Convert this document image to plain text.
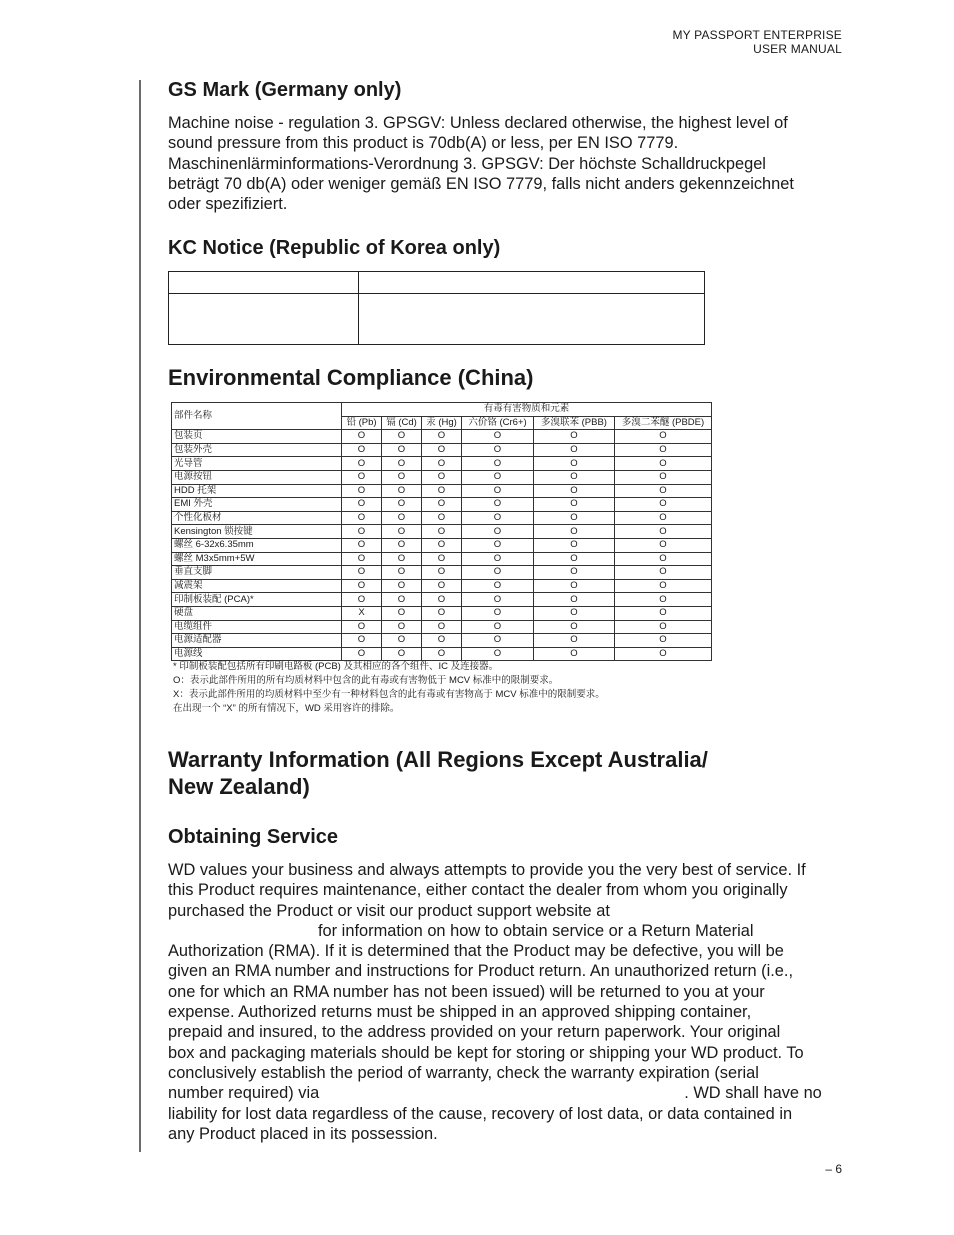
MY PASSPORT ENTERPRISE
USER MANUAL
GS Mark (Germany only)
Machine noise - regulation 3. GPSGV: Unless declared otherwise, the highest level of
sound pressure from this product is 70db(A) or less, per EN ISO 7779.
Maschinenlärminformations-Verordnung 3. GPSGV: Der höchste Schalldruckpegel
beträgt 70 db(A) oder weniger gemäß EN ISO 7779, falls nicht anders gekennzeichnet
oder spezifiziert.
KC Notice (Republic of Korea only)
Environmental Compliance (China)
部件名称	有毒有害物质和元素					
	铅 (Pb)	镉 (Cd)	汞 (Hg)	六价铬 (Cr6+)	多溴联苯 (PBB)	多溴二苯醚 (PBDE)
包装页	O	O	O	O	O	O
包装外壳	O	O	O	O	O	O
光导管	O	O	O	O	O	O
电源按钮	O	O	O	O	O	O
HDD 托架	O	O	O	O	O	O
EMI 外壳	O	O	O	O	O	O
个性化板材	O	O	O	O	O	O
Kensington 锁按键	O	O	O	O	O	O
螺丝 6-32x6.35mm	O	O	O	O	O	O
螺丝 M3x5mm+5W	O	O	O	O	O	O
垂直支脚	O	O	O	O	O	O
减震架	O	O	O	O	O	O
印制板装配 (PCA)*	O	O	O	O	O	O
硬盘	X	O	O	O	O	O
电缆组件	O	O	O	O	O	O
电源适配器	O	O	O	O	O	O
电源线	O	O	O	O	O	O
* 印制板装配包括所有印刷电路板 (PCB) 及其相应的各个组件、IC 及连接器。
O：表示此部件所用的所有均质材料中包含的此有毒或有害物低于 MCV 标准中的限制要求。
X：表示此部件所用的均质材料中至少有一种材料包含的此有毒或有害物高于 MCV 标准中的限制要求。
在出现一个 “X” 的所有情况下，WD 采用容许的排除。
Warranty Information (All Regions Except Australia/
New Zealand)
Obtaining Service
WD values your business and always attempts to provide you the very best of service. If
this Product requires maintenance, either contact the dealer from whom you originally
purchased the Product or visit our product support website at
for information on how to obtain service or a Return Material
Authorization (RMA). If it is determined that the Product may be defective, you will be
given an RMA number and instructions for Product return. An unauthorized return (i.e.,
one for which an RMA number has not been issued) will be returned to you at your
expense. Authorized returns must be shipped in an approved shipping container,
prepaid and insured, to the address provided on your return paperwork. Your original
box and packaging materials should be kept for storing or shipping your WD product. To
conclusively establish the period of warranty, check the warranty expiration (serial
number required) via	. WD shall have no
liability for lost data regardless of the cause, recovery of lost data, or data contained in
any Product placed in its possession.
– 6
